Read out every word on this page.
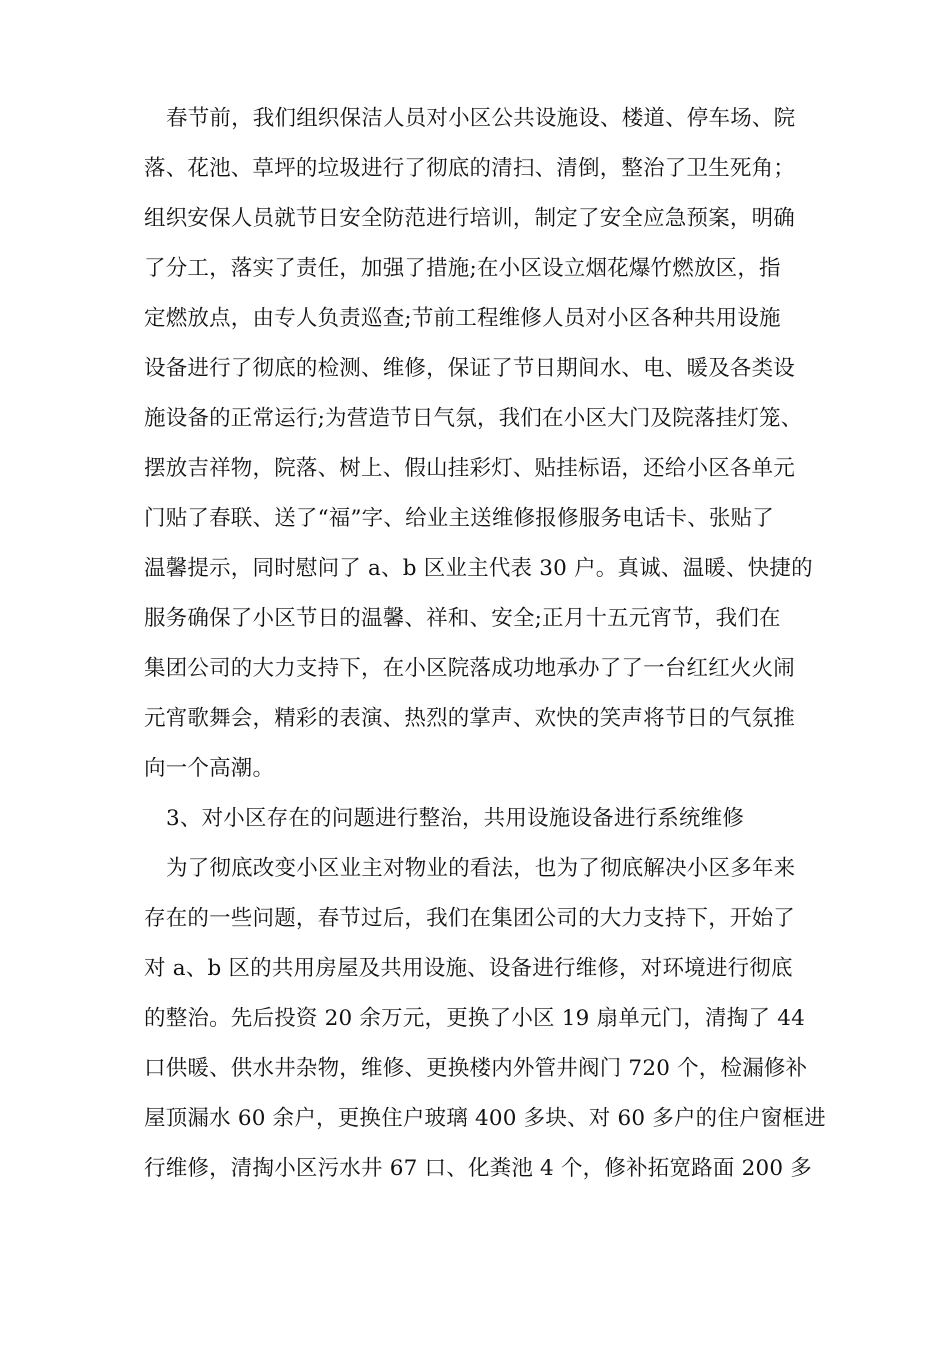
春节前，我们组织保洁人员对小区公共设施设、楼道、停车场、院
落、花池、草坪的垃圾进行了彻底的清扫、清倒，整治了卫生死角；
组织安保人员就节日安全防范进行培训，制定了安全应急预案，明确
了分工，落实了责任，加强了措施;在小区设立烟花爆竹燃放区，指
定燃放点，由专人负责巡查;节前工程维修人员对小区各种共用设施
设备进行了彻底的检测、维修，保证了节日期间水、电、暖及各类设
施设备的正常运行;为营造节日气氛，我们在小区大门及院落挂灯笼、
摆放吉祥物，院落、树上、假山挂彩灯、贴挂标语，还给小区各单元
门贴了春联、送了“福”字、给业主送维修报修服务电话卡、张贴了
温馨提示，同时慰问了 a、b 区业主代表 30 户。真诚、温暖、快捷的
服务确保了小区节日的温馨、祥和、安全;正月十五元宵节，我们在
集团公司的大力支持下，在小区院落成功地承办了了一台红红火火闹
元宵歌舞会，精彩的表演、热烈的掌声、欢快的笑声将节日的气氛推
向一个高潮。
3、对小区存在的问题进行整治，共用设施设备进行系统维修
为了彻底改变小区业主对物业的看法，也为了彻底解决小区多年来
存在的一些问题，春节过后，我们在集团公司的大力支持下，开始了
对 a、b 区的共用房屋及共用设施、设备进行维修，对环境进行彻底
的整治。先后投资 20 余万元，更换了小区 19 扇单元门，清掏了 44
口供暖、供水井杂物，维修、更换楼内外管井阀门 720 个，检漏修补
屋顶漏水 60 余户，更换住户玻璃 400 多块、对 60 多户的住户窗框进
行维修，清掏小区污水井 67 口、化粪池 4 个，修补拓宽路面 200 多
